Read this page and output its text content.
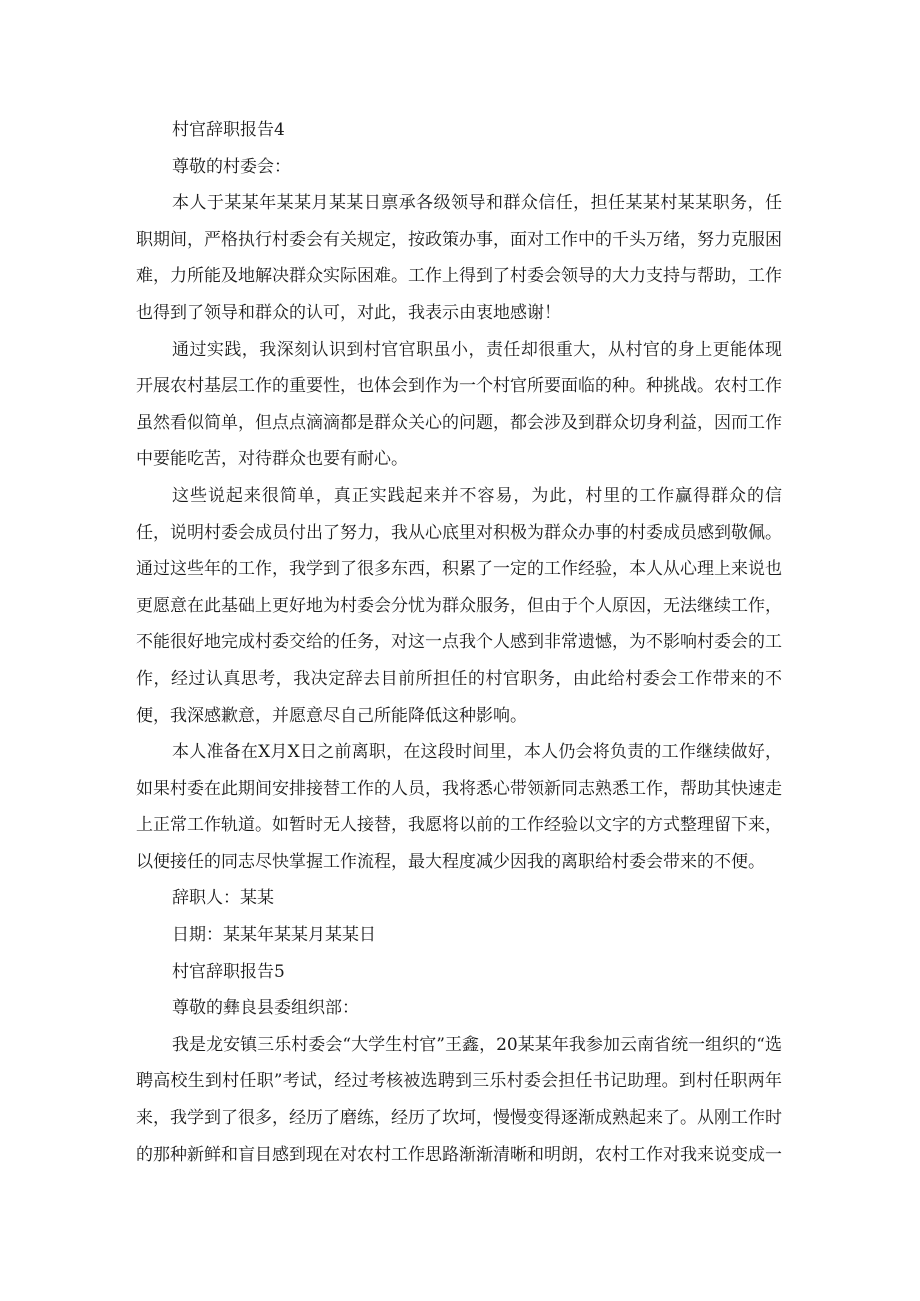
村官辞职报告4

尊敬的村委会：

本人于某某年某某月某某日禀承各级领导和群众信任，担任某某村某某职务，任职期间，严格执行村委会有关规定，按政策办事，面对工作中的千头万绪，努力克服困难，力所能及地解决群众实际困难。工作上得到了村委会领导的大力支持与帮助，工作也得到了领导和群众的认可，对此，我表示由衷地感谢！

通过实践，我深刻认识到村官官职虽小，责任却很重大，从村官的身上更能体现开展农村基层工作的重要性，也体会到作为一个村官所要面临的种。种挑战。农村工作虽然看似简单，但点点滴滴都是群众关心的问题，都会涉及到群众切身利益，因而工作中要能吃苦，对待群众也要有耐心。

这些说起来很简单，真正实践起来并不容易，为此，村里的工作赢得群众的信任，说明村委会成员付出了努力，我从心底里对积极为群众办事的村委成员感到敬佩。通过这些年的工作，我学到了很多东西，积累了一定的工作经验，本人从心理上来说也更愿意在此基础上更好地为村委会分忧为群众服务，但由于个人原因，无法继续工作，不能很好地完成村委交给的任务，对这一点我个人感到非常遗憾，为不影响村委会的工作，经过认真思考，我决定辞去目前所担任的村官职务，由此给村委会工作带来的不便，我深感歉意，并愿意尽自己所能降低这种影响。

本人准备在X月X日之前离职，在这段时间里，本人仍会将负责的工作继续做好，如果村委在此期间安排接替工作的人员，我将悉心带领新同志熟悉工作，帮助其快速走上正常工作轨道。如暂时无人接替，我愿将以前的工作经验以文字的方式整理留下来，以便接任的同志尽快掌握工作流程，最大程度减少因我的离职给村委会带来的不便。

辞职人：某某

日期：某某年某某月某某日

村官辞职报告5

尊敬的彝良县委组织部：

我是龙安镇三乐村委会“大学生村官”王鑫，20某某年我参加云南省统一组织的“选聘高校生到村任职”考试，经过考核被选聘到三乐村委会担任书记助理。到村任职两年来，我学到了很多，经历了磨练，经历了坎坷，慢慢变得逐渐成熟起来了。从刚工作时的那种新鲜和盲目感到现在对农村工作思路渐渐清晰和明朗，农村工作对我来说变成一
